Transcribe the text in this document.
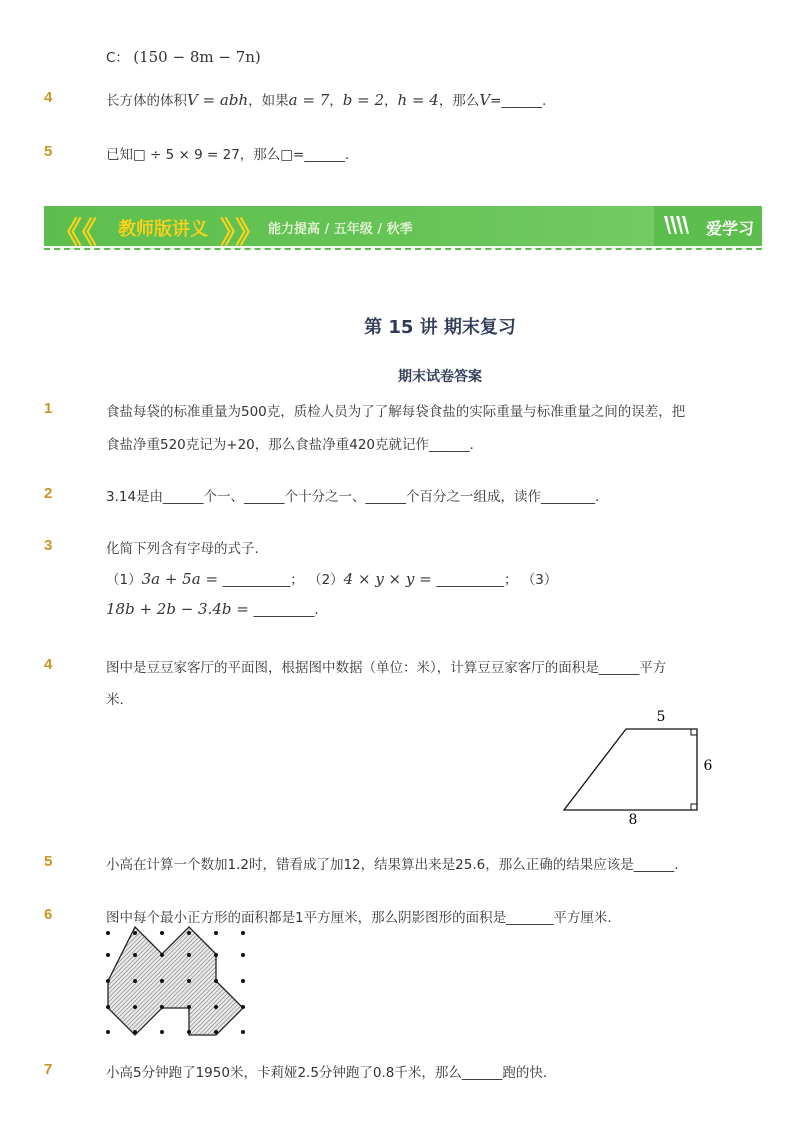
C： (150 − 8m − 7n)
4	长方体的体积V = abh，如果a = 7，b = 2，h = 4，那么V=______.
5	已知□ ÷ 5 × 9 = 27，那么□=______.
《《 教师版讲义 》》 能力提高 / 五年级 / 秋季	爱学习
第 15 讲 期末复习
期末试卷答案
1	食盐每袋的标准重量为500克，质检人员为了了解每袋食盐的实际重量与标准重量之间的误差，把
食盐净重520克记为+20，那么食盐净重420克就记作______.
2	3.14是由______个一、______个十分之一、______个百分之一组成，读作________.
3	化简下列含有字母的式子.
（1）3a + 5a = __________； （2）4 × y × y = __________； （3）
18b + 2b − 3.4b = _________.
4	图中是豆豆家客厅的平面图，根据图中数据（单位：米），计算豆豆家客厅的面积是______平方
米.
5
6
8
5	小高在计算一个数加1.2时，错看成了加12，结果算出来是25.6，那么正确的结果应该是______.
6	图中每个最小正方形的面积都是1平方厘米，那么阴影图形的面积是_______平方厘米.
7	小高5分钟跑了1950米，卡莉娅2.5分钟跑了0.8千米，那么______跑的快.
